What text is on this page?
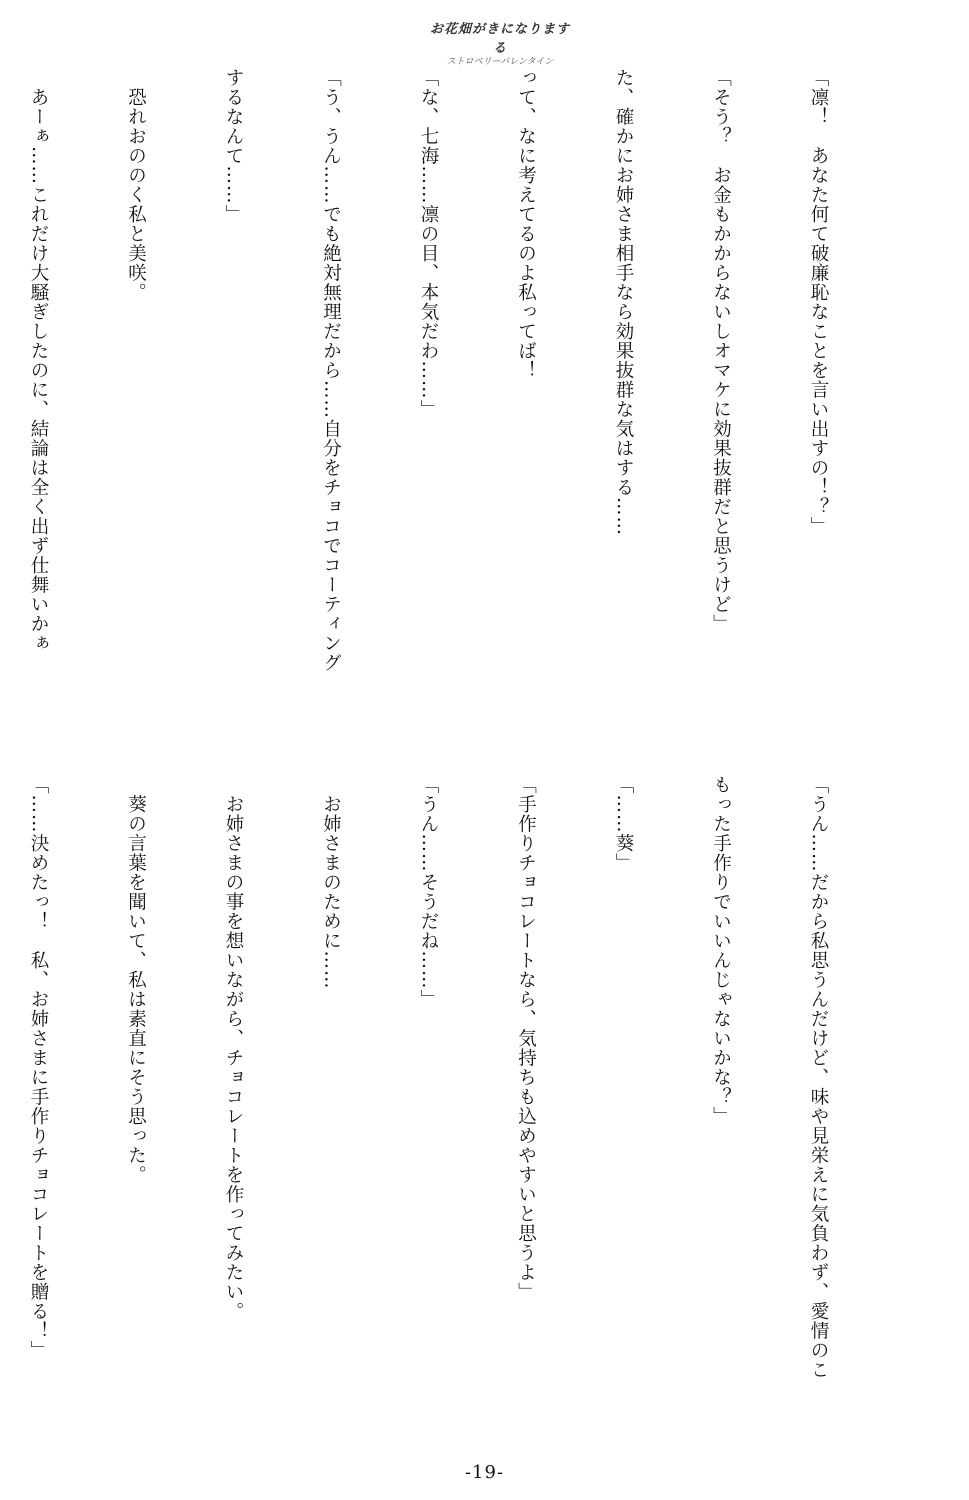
お花畑がきになりまする
ストロベリーバレンタイン

「凛！　あなた何て破廉恥なことを言い出すの！？」

「そう？　お金もかからないしオマケに効果抜群だと思うけど」

た、確かにお姉さま相手なら効果抜群な気はする……

って、なに考えてるのよ私ってば！

「な、七海……凛の目、本気だわ……」

「う、うん……でも絶対無理だから……自分をチョコでコーティング

するなんて……」

　恐れおののく私と美咲。

　あーぁ……これだけ大騒ぎしたのに、結論は全く出ず仕舞いかぁ

「うん……だから私思うんだけど、味や見栄えに気負わず、愛情のこ

もった手作りでいいんじゃないかな？」

「……葵」

「手作りチョコレートなら、気持ちも込めやすいと思うよ」

「うん……そうだね……」

　お姉さまのために……

　お姉さまの事を想いながら、チョコレートを作ってみたい。

　葵の言葉を聞いて、私は素直にそう思った。

「……決めたっ！　私、お姉さまに手作りチョコレートを贈る！」

-19-
